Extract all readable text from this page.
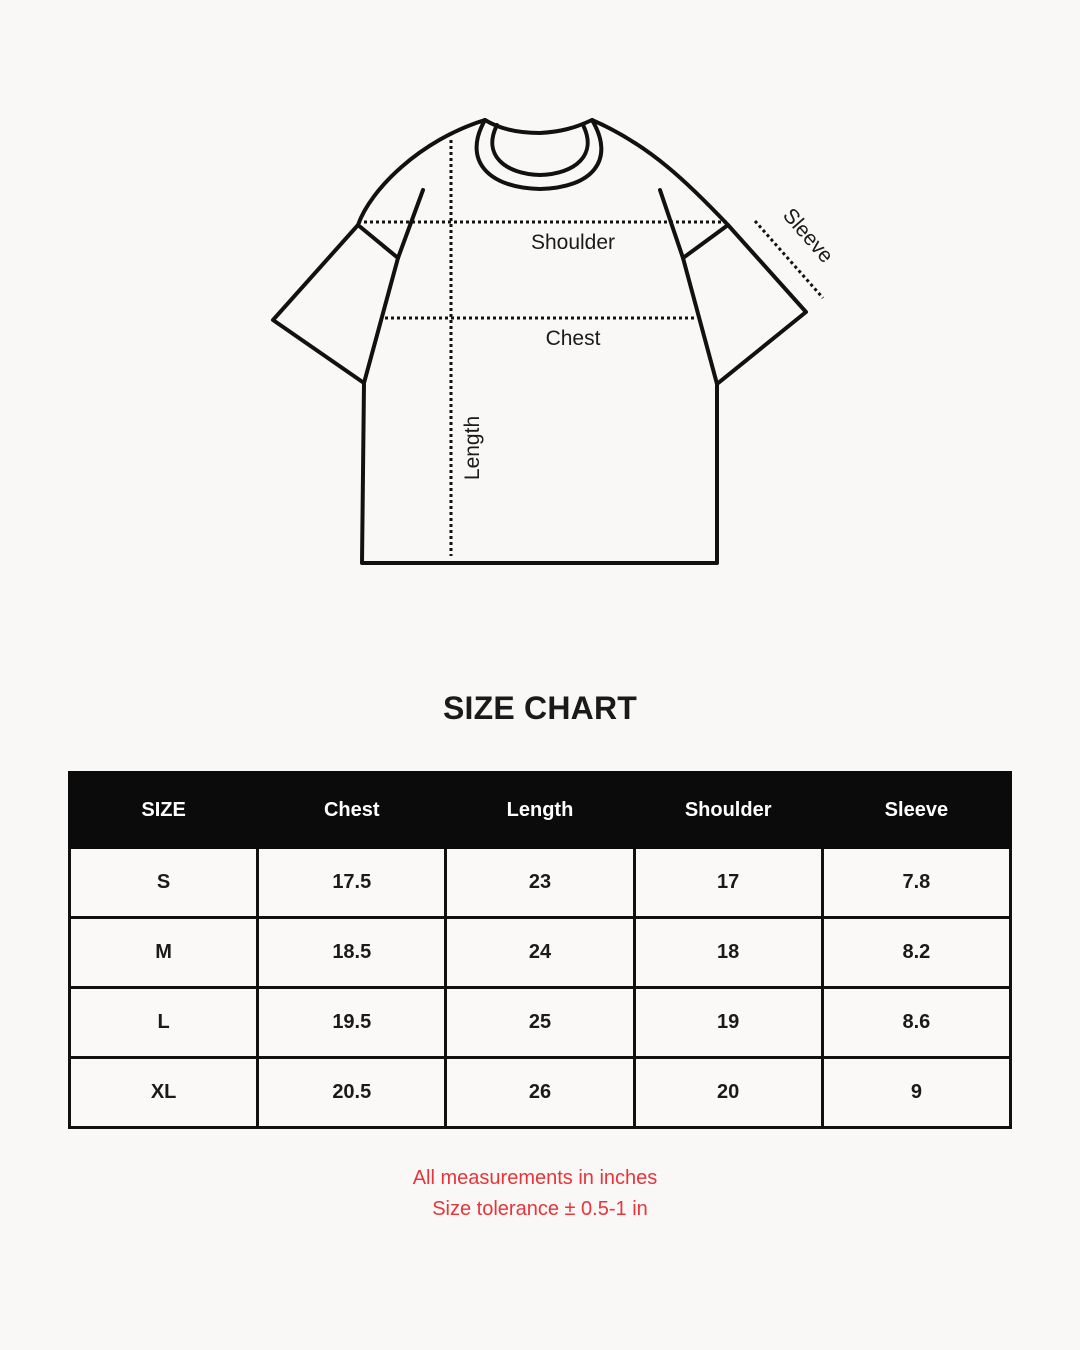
Shoulder
Chest
Length
Sleeve
SIZE CHART
SIZE	Chest	Length	Shoulder	Sleeve
S	17.5	23	17	7.8
M	18.5	24	18	8.2
L	19.5	25	19	8.6
XL	20.5	26	20	9
All measurements in inches
Size tolerance ± 0.5-1 in
